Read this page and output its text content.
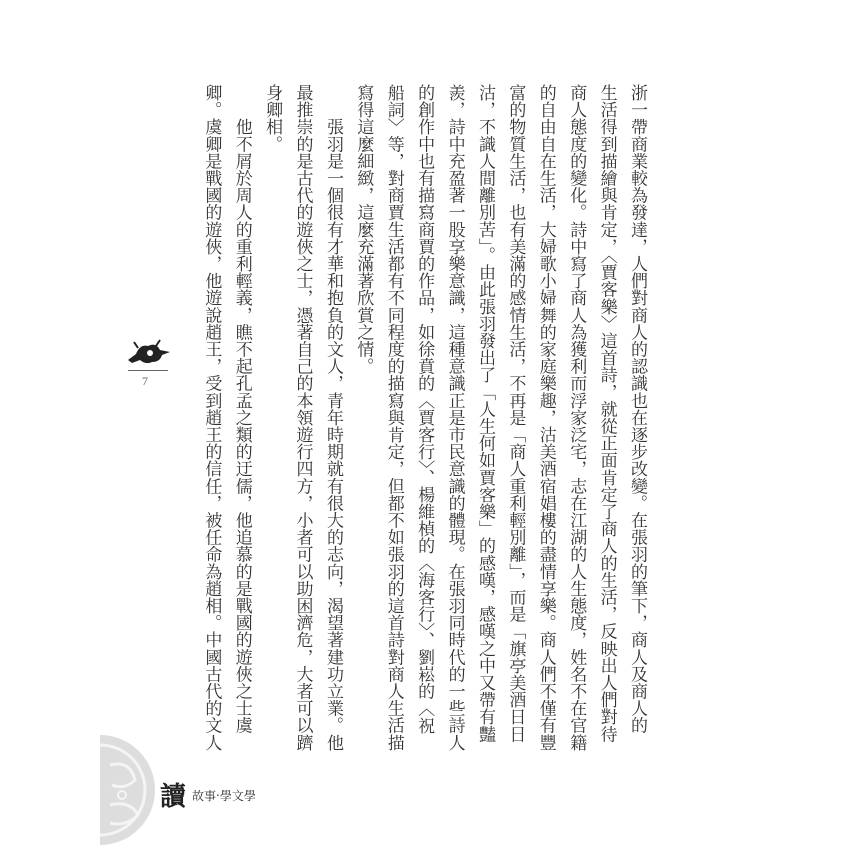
浙一帶商業較為發達，人們對商人的認識也在逐步改變。在張羽的筆下，商人及商人的
生活得到描繪與肯定，〈賈客樂〉這首詩，就從正面肯定了商人的生活，反映出人們對待
商人態度的變化。詩中寫了商人為獲利而浮家泛宅，志在江湖的人生態度，姓名不在官籍
的自由自在生活，大婦歌小婦舞的家庭樂趣，沽美酒宿娼樓的盡情享樂。商人們不僅有豐
富的物質生活，也有美滿的感情生活，不再是「商人重利輕別離」，而是「旗亭美酒日日
沽，不識人間離別苦」。由此張羽發出了「人生何如賈客樂」的感嘆，感嘆之中又帶有豔
羨，詩中充盈著一股享樂意識，這種意識正是市民意識的體現。在張羽同時代的一些詩人
的創作中也有描寫商賈的作品，如徐賁的〈賈客行〉、楊維楨的〈海客行〉、劉崧的〈祝
船詞〉等，對商賈生活都有不同程度的描寫與肯定，但都不如張羽的這首詩對商人生活描
寫得這麼細緻，這麼充滿著欣賞之情。
　　張羽是一個很有才華和抱負的文人，青年時期就有很大的志向，渴望著建功立業。他
最推崇的是古代的遊俠之士，憑著自己的本領遊行四方，小者可以助困濟危，大者可以躋
身卿相。
　　他不屑於周人的重利輕義，瞧不起孔孟之類的迂儒，他追慕的是戰國的遊俠之士虞
卿。虞卿是戰國的遊俠，他遊說趙王，受到趙王的信任，被任命為趙相。中國古代的文人
7
讀 故事‧學文學
